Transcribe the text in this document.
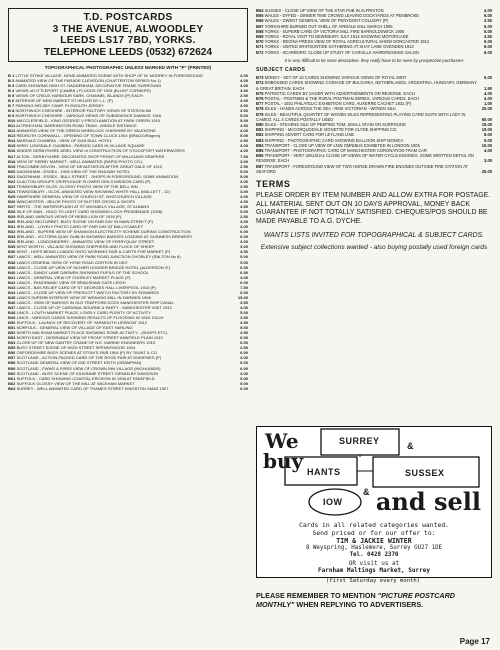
T.D. POSTCARDS
3 THE AVENUE, ALWOODLEY
LEEDS LS17 7BD, YORKS.
TELEPHONE LEEDS (0532) 672624
TOPOGRAPHICAL PHOTOGRAPHIC UNLESS MARKED WITH "P" (PRINTED)
B 1 LITTLE STOKE VILLAGE, NONE ANIMATED SCENE WITH SHOP OF W. MORREY IN FOREGROUND	4.00
B 2 ANIMATED VIEW OF THE PARADE CLEVEDON (CHATTERTON SERIES No.1)	4.00
B 3 CARD SHOWING HIGH ST. HADDENHAM, DECORATIVE FRAME SURROUND	4.00
B 4 VIEWS of LITTLEPORT (CAMBS.) FLOODS OF 1915 (BLUNT CORNERS)	3.00
B 5 VIEWS OF CREUX HARBOUR SARK, CHANNEL ISLANDS (P) EACH	2.50
B 6 INTERIOR OF NEW MARKET ST HELIER BY L.L. (P)	3.00
B 7 PARKING HELSBY CAMP. PLYMOUTH JERSEY	3.00
B 8 NORTHWICH CHESHIRE - INTERIOR FACTORY VIEWS OF STATION 6th	3.50
B 9 NORTHWICH CHESHIRE - VARIOUS VIEWS OF SUBSIDENCE DAMAGE 1916	5.00
B10 MACCLESFIELD - KING GEORGE V PROCLAMATION AT PARK GREEN 1910	5.00
B11 ALTRINCHAM, BARRINGTON ROAD TRAM - MIDDLE DISTANCE	4.50
B12 ANIMATED VIEW OF THE GREEN WHEELOCK CHESHIRE BY VALENTINE	4.00
B13 REDRUTH CORNWALL - OPENING OF TOWN CLOCK 1904 (BRAGG/Rogers)	5.00
B14 MARDALE CUMBRIA - VIEW OF DUN BULL HOTEL	2.50
B15 KIRBY LONSDALE CUMBRIA - PARKED CARS IN VILLAGE SQUARE	3.00
B16 KINDER DERBYSHIRE ARIEL VIEW of CONSTRUCTION OF STOCKPORT WATERWORKS	4.00
B17 ALTON - DERBYSHIRE, DECORATED SHOP FRONT OF MILLIGANS DRAPERS	7.50
B18 VIEW OF DERBY MARKET - WELL ANIMATED (RAPID PHOTO CO.)	3.00
B19 TRACOMBE DEVON - VIEW OF DEVASTATION AFTER GREAT GALE OF 1912	2.50
B20 DAGENHAM - ESSEX - 1906 VIEW OF THE RAILWAY HOTEL	5.00
B21 DAGENHAM - ESSEX - BULL STREET - SHOPS IN FOREGROUND, SOME ANIMATION	5.00
B22 CLACTON GROUPS CRIPPLEAGE FLOWER GIRLS MISSION CARD (P)	3.00
B23 TEWKESBURY GLOS. GLOSSY PHOTO VIEW OF THE BELL INN	2.50
B24 TEWKESBURY - GLOS. ANIMATED VIEW SHOWING WHITE HALL (MALLETT - 12)	3.00
B25 HAMPSHIRE GENERAL VIEW OF CHURCH ST. WHITCHURCH VILLAGE	4.00
B26 WINCHESTER - BELOE PHOTO OF BUTTER CROSS & SHOPS	4.00
B27 HERTS - THE WATERSPLASH AT ST MICHAELS VILLAGE, ST ALBANS	4.50
B28 ISLE OF MAN - HOLD TO LIGHT CARD SHOWING LOCH PROMENADE (1906)	5.00
B29 IRELAND VARIOUS VIEWS OF REBELLION OF 1916 (P)	2.50
B30 IRELAND BELTURBET, BUSY SCENE ON FAIR DAY IN MAIN STREET (P)	3.00
B31 IRELAND - LOVELY PHOTO CARD OF FAIR DAY AT BALLYCAWLEY	4.00
B32 IRELAND - SUPERB VIEW OF SHANNON ELECTRICITY SCHEME DURING CONSTRUCTION	6.00
B33 IRELAND - VICTORIA QUAY DUBLIN SHOWING BARGES LOADING AT GUINNESS BREWERY	6.00
B34 IRELAND - LONDONDERRY - ANIMATED VIEW OF FERRYQUAY STREET	3.00
B35 KENT WORTH - VILLAGE SHOWING SHEPHERD AND FLOCK OF SHEEP	3.00
B36 KENT - HOPS BEING LOADED ONTO WORKING FAIR & CARTS FOR MARKET (P)	4.50
B37 LANCS - WELL ANIMATED VIEW OF PARK ROAD JUNCTION CHORLEY (RALTON No 6)	5.00
B38 LANCS GENERAL VIEW OF HYDE ROAD GORTON IN 1907	5.00
B39 LANCS - CLOSE UP VIEW OF HIGHER HODDER BRIDGE HOTEL (ALDERSON 'E')	6.00
B40 LANCS - SANDY LANE DARWEN SHOWING PUPILS OF THE SCHOOL	6.50
B41 LANCS - GENERAL VIEW OF CHORLEY MARKET PLACE (P)	4.00
B42 LANCS - PANORAMIC VIEW OF BRADSHAW GATE LEIGH	6.00
B43 LANCS - BAS RELIEF CARD OF ST GEORGES HALL LIVERPOOL 1910 (P)	7.50
B44 LANCS - CLOSE UP VIEW OF PRESCOTT WATCH FACTORY BY EDWARDS	6.00
B45 LANCS SUPERB INTERIOR VIEW OF WEAVING MILL IN DARWEN 1906	15.00
B46 LANCS - VIEW OF BARGES IN OLD TRAFFORD DOCK MANCHESTER SHIP CANAL	3.50
B47 LANCS - CLOSE UP OF CARDINAL BOURNE & PARTY - MANCHESTER VISIT 1912	4.00
B48 LINCS - LOUTH MARKET PLACE, LOVELY CARD PLENTY OF ACTIVITY	5.00
B49 LINCS - VARIOUS CARDS SHOWING RESULTS OF FLOODING IN 1920. EACH	3.50
B50 SUFFOLK - LAUNCH OF RECOVERY OF YARMOUTH LIFEBOAT 1912	4.50
B51 NORFOLK - GENERAL VIEW OF VILLAGE OF EAST HARLING	5.00
B52 NORTH WALSHAM MARKET PLACE SHOWING SOME ACTIVITY - (SHOPS ETC)	3.50
B53 NORTH EAST - DESIRABLE VIEW OF FRONT STREET ANNFIELD PLAIN 1910	6.00
B54 CLOSE UP OF NEW GANTRY CRANE OF N.E. MARINE ENGINEERS 1910	6.50
B55 BUSY STREET SCENE OF HIGH STREET SPENNYMOOR 1904	2.50
B56 OXFORDSHIRE BUSY SCENES AT STOW'S FAIR 1904 (P) BY TAUNT & CO.	6.00
B57 SCOTLAND - ACTION PACKED CARD OF THE ROOD FAIR AT DUMFRIES (P)	3.00
B58 SCOTLAND GENERAL VIEW OF MID STREET KEITH (GRAMPIAN)	5.00
B59 SCOTLAND - FWWS & FIRES VIEW OF CROWN INN VILLAGE (HIGHLANDS)	6.00
B60 SCOTLAND - BUSY SCENE OF KILWINNIE STREET GIRVAN BY DAVIDSON	3.00
B61 SUFFOLK - CARD SHOWING COASTAL EROSION IN 1908 AT PAKEFIELD	5.00
B62 SUFFOLK GLOSSY VIEW OF THE MILL AT WICKHAM MARKET	5.00
B63 SURREY - WELL ANIMATED CARD OF THAMES STREET KINGSTON XMAS 1907	6.00
B64 SUSSEX - CLOSE UP VIEW OF THE STAR PUB IN ALFRISTON	4.00
B65 WALES - DYFED - DINNER TIME CROWD LEAVING DOCKYARDS AT PEMBROKE	6.00
B66 WALES - GWENT GENERAL VIEW OF PENYDONT COLLIERY (P)	2.50
B67 YORKSHIRE BURNED OUT SHELL OF AIRDALE MILL MARCH 1906	5.00
B68 YORKS - SUPERB CARD OF VICTORIA MILL FIRE BARNOLDSWICK 1906	5.00
B69 YORKS - ROYAL VISIT TO DEWSBURY JULY 1912 SHOWING MOTORCADE	4.50
B70 YORKS - REGINA PRESS VIEW OF ROYAL AGRICULTURAL SHOW DONCASTER 1912	6.00
B71 YORKS - UNITED WHITSUNTIDE GATHERING AT SHAY LANE OVENDEN 1913	6.00
B72 YORKS - SCARBORO: CLOSE UP STUDY OF CARVILLS HAIRDRESSING SALON	6.00
It is very difficult to be more descriptive, they really have to be seen by prospective purchasers
SUBJECT CARDS
B73 MONEY - SET OF 10 CARDS SHOWING VARIOUS VIEWS OF ROYAL MINT	5.00
B74 EMBOSSED CARDS SHOWING COINAGE OF BULGARIA, NETHERLANDS, ARGENTINA, HUNGARY, GERMANY & GREAT BRITAIN. EACH	1.50
B75 PATRIOTIC CARDS BY SAGER WITH ADVERTISEMENTS ON REVERSE. EACH	4.00
B76 POSTAL - POSTMEN & THE RURAL POSTMAN SERIES, VARIOUS CARDS. EACH	4.00
B77 POSTAL - 1931 PHILATELIC EXHIBITION CARD, AUXERRE CACHET 1931 (P)	1.00
B78 SILKS - HANDS ACROSS THE SEA - RMS VICTORIAN - WOVEN SILK	20.00
B79 SILKS - BEAUTIFUL QUARTET OF WOVEN SILKS REPRESENTING PLAYING CARD SUITS WITH LADY IN CAMEO. ALL 4 CARDS POSTALLY USED	60.00
B80 SILKS - STEVENS SILK OF PEEPING TOM, SMALL STAIN ON SURROUND	15.00
B81 SHIPPING - McCORQUODALE VIGNETTE FOR CLYDE SHIPPING CO.	15.00
B82 SHIPPING ADVERT CARD FOR LEYLAND LINE	8.00
B83 SHIPPING - PHOTOGRAPHIC CARD SHOWING BALLOON SHIP MONICA	5.00
B84 TRANSPORT - CLOSE UP VIEW OF LNW OMNIBUS EXHIBITED IN LONDON 1905	10.00
B85 TRANSPORT - PHOTOGRAPHIC CARD OF MANCHESTER CORONATION TRAM CAR	4.00
B86 TRANSPORT - VERY UNUSUAL CLOSE UP VIEWS OF WATER CYCLE ENGINES. SOME WRITTEN DETAIL ON REVERSE. EACH	3.00
B87 TRANSPORT - FOREGROUND VIEW OF TWO HORSE DRAWN FIRE ENGINES OUTSIDE FIRE STATION AT SEAFORD	25.00
TERMS
PLEASE ORDER BY ITEM NUMBER AND ALLOW EXTRA FOR POSTAGE. ALL MATERIAL SENT OUT ON 10 DAYS APPROVAL, MONEY BACK GUARANTEE IF NOT TOTALLY SATISFIED. CHEQUES/POS SHOULD BE MADE PAYABLE TO A.G. DYCHE.
WANTS LISTS INVITED FOR TOPOGRAPHICAL & SUBJECT CARDS.
Extensive subject collections wanted - also buying postally used foreign cards
We
buy
SURREY
HANTS	SUSSEX
IOW
&
& and sell
Cards in all related categories wanted.
Send priced or for our offer to:
TIM & JACKIE WINTER
8 Weyspring, Haslemere, Surrey GU27 1DE
Tel. 0428 2370
OR visit us at
Farnham Maltings Market, Surrey
(first Saturday every month)
PLEASE REMEMBER TO MENTION "PICTURE POSTCARD MONTHLY" WHEN REPLYING TO ADVERTISERS.
Page 17
